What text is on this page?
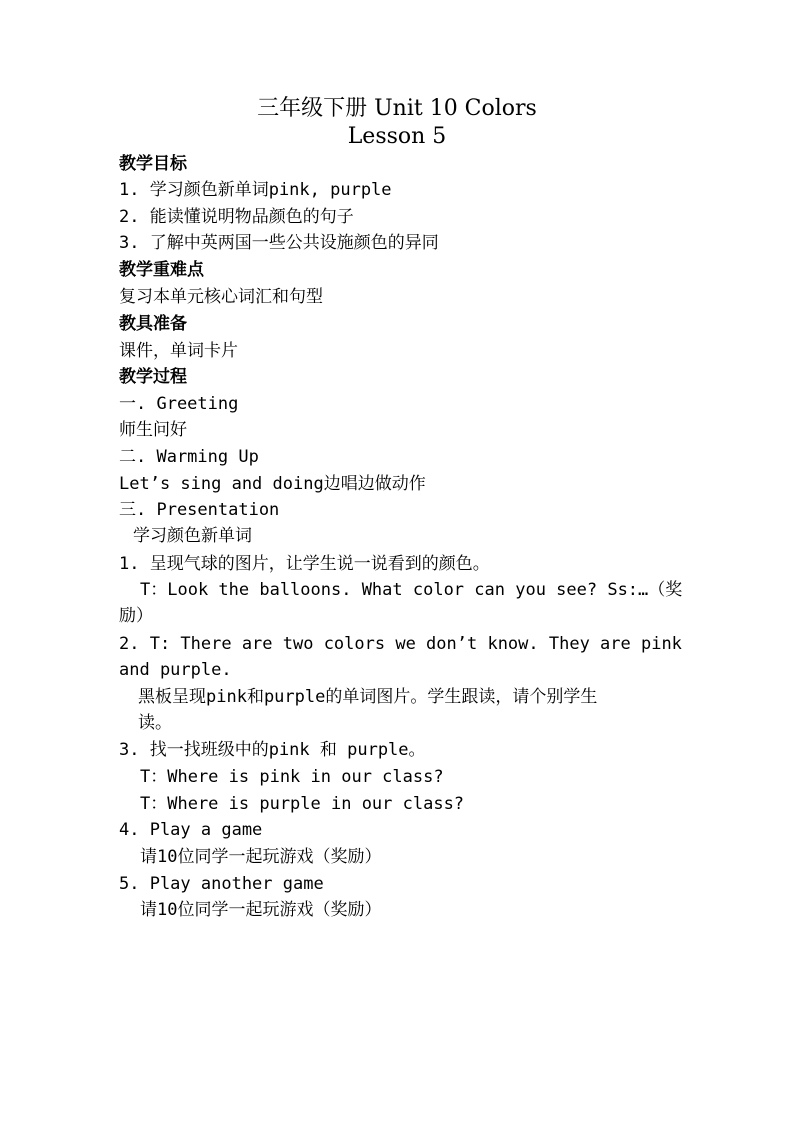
三年级下册 Unit 10 Colors
Lesson 5
教学目标
1. 学习颜色新单词pink, purple
2. 能读懂说明物品颜色的句子
3. 了解中英两国一些公共设施颜色的异同
教学重难点
复习本单元核心词汇和句型
教具准备
课件，单词卡片
教学过程
一. Greeting
师生问好
二. Warming Up
Let’s sing and doing边唱边做动作
三. Presentation
学习颜色新单词
1. 呈现气球的图片，让学生说一说看到的颜色。
T：Look the balloons. What color can you see? Ss:…（奖
励）
2. T: There are two colors we don’t know. They are pink
and purple.
黑板呈现pink和purple的单词图片。学生跟读，请个别学生
读。
3. 找一找班级中的pink 和 purple。
T：Where is pink in our class?
T：Where is purple in our class?
4. Play a game
请10位同学一起玩游戏（奖励）
5. Play another game
请10位同学一起玩游戏（奖励）
